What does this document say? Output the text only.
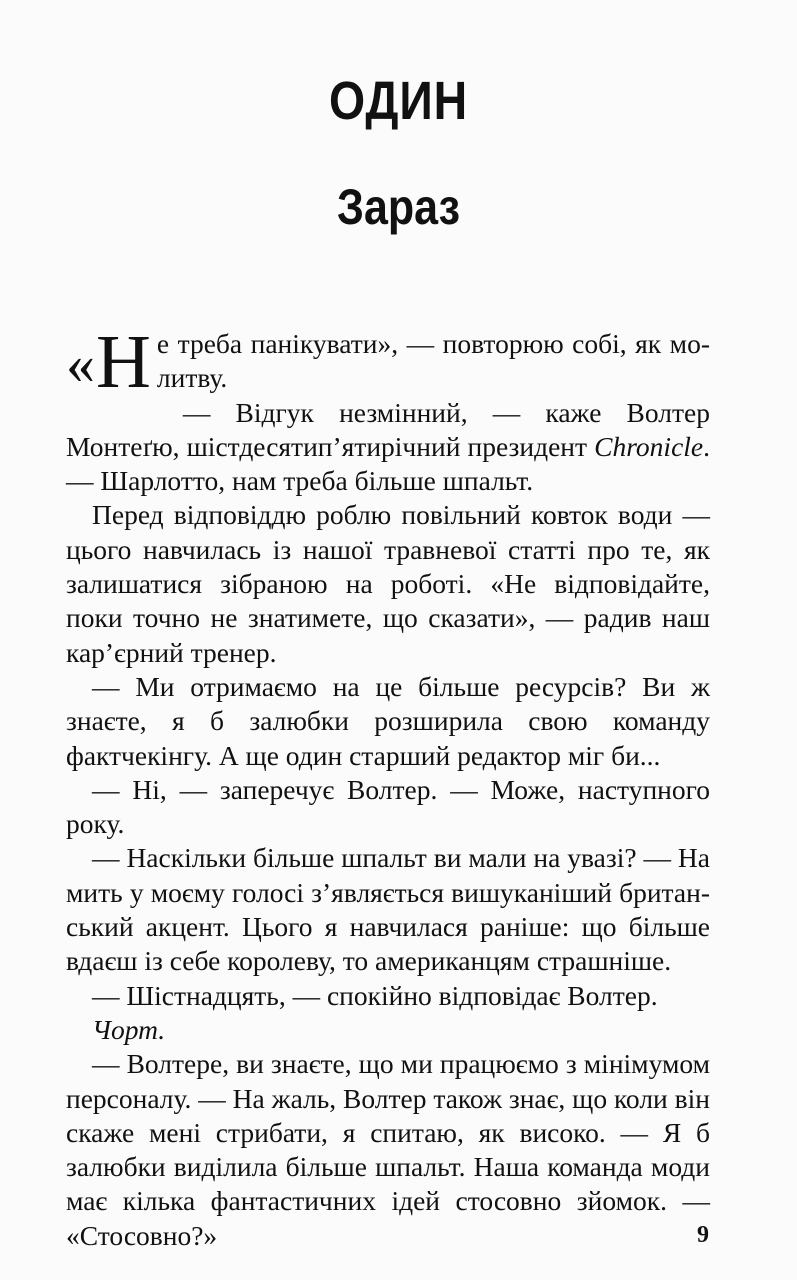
ОДИН
Зараз

« Н е треба панікувати», — повторюю собі, як молитву.

— Відгук незмінний, — каже Волтер Монтеґю, шістдесятип’ятирічний президент Chronicle. — Шарлотто, нам треба більше шпальт.

Перед відповіддю роблю повільний ковток води — цього навчилась із нашої травневої статті про те, як залишатися зібраною на роботі. «Не відповідайте, поки точно не знатимете, що сказати», — радив наш кар’єрний тренер.

— Ми отримаємо на це більше ресурсів? Ви ж знаєте, я б залюбки розширила свою команду фактчекінгу. А ще один старший редактор міг би...

— Ні, — заперечує Волтер. — Може, наступного року.

— Наскільки більше шпальт ви мали на увазі? — На мить у моєму голосі з’являється вишуканіший британський акцент. Цього я навчилася раніше: що більше вдаєш із себе королеву, то американцям страшніше.

— Шістнадцять, — спокійно відповідає Волтер.

Чорт.

— Волтере, ви знаєте, що ми працюємо з мінімумом персоналу. — На жаль, Волтер також знає, що коли він скаже мені стрибати, я спитаю, як високо. — Я б залюбки виділила більше шпальт. Наша команда моди має кілька фантастичних ідей стосовно зйомок. — «Стосовно?»	9
